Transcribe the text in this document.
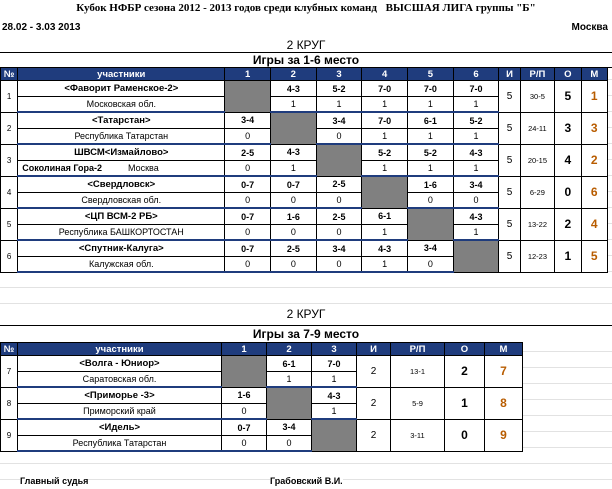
Кубок НФБР сезона 2012 - 2013 годов среди клубных команд ВЫСШАЯ ЛИГА группы "Б"
28.02 - 3.03 2013	Москва
2 КРУГ
Игры за 1-6 место
№	участники	1	2	3	4	5	6	И	Р/П	О	М
1	<Фаворит Раменское-2>		4-3	5-2	7-0	7-0	7-0	5	30-5	5	1
	Московская обл.		1	1	1	1	1				
2	<Татарстан>	3-4		3-4	7-0	6-1	5-2	5	24-11	3	3
	Республика Татарстан	0		0	1	1	1				
3	ШВСМ<Измайлово>	2-5	4-3		5-2	5-2	4-3	5	20-15	4	2
	Соколиная Гора-2 Москва	0	1		1	1	1				
4	<Свердловск>	0-7	0-7	2-5		1-6	3-4	5	6-29	0	6
	Свердловская обл.	0	0	0		0	0				
5	<ЦП ВСМ-2 РБ>	0-7	1-6	2-5	6-1		4-3	5	13-22	2	4
	Республика БАШКОРТОСТАН	0	0	0	1		1				
6	<Спутник-Калуга>	0-7	2-5	3-4	4-3	3-4		5	12-23	1	5
	Калужская обл.	0	0	0	1	0					
2 КРУГ
Игры за 7-9 место
№	участники	1	2	3	И	Р/П	О	М
7	<Волга - Юниор>		6-1	7-0	2	13-1	2	7
	Саратовская обл.		1	1				
8	<Приморье -3>	1-6		4-3	2	5-9	1	8
	Приморский край	0		1				
9	<Идель>	0-7	3-4		2	3-11	0	9
	Республика Татарстан	0	0					
Главный судья	Грабовский В.И.
